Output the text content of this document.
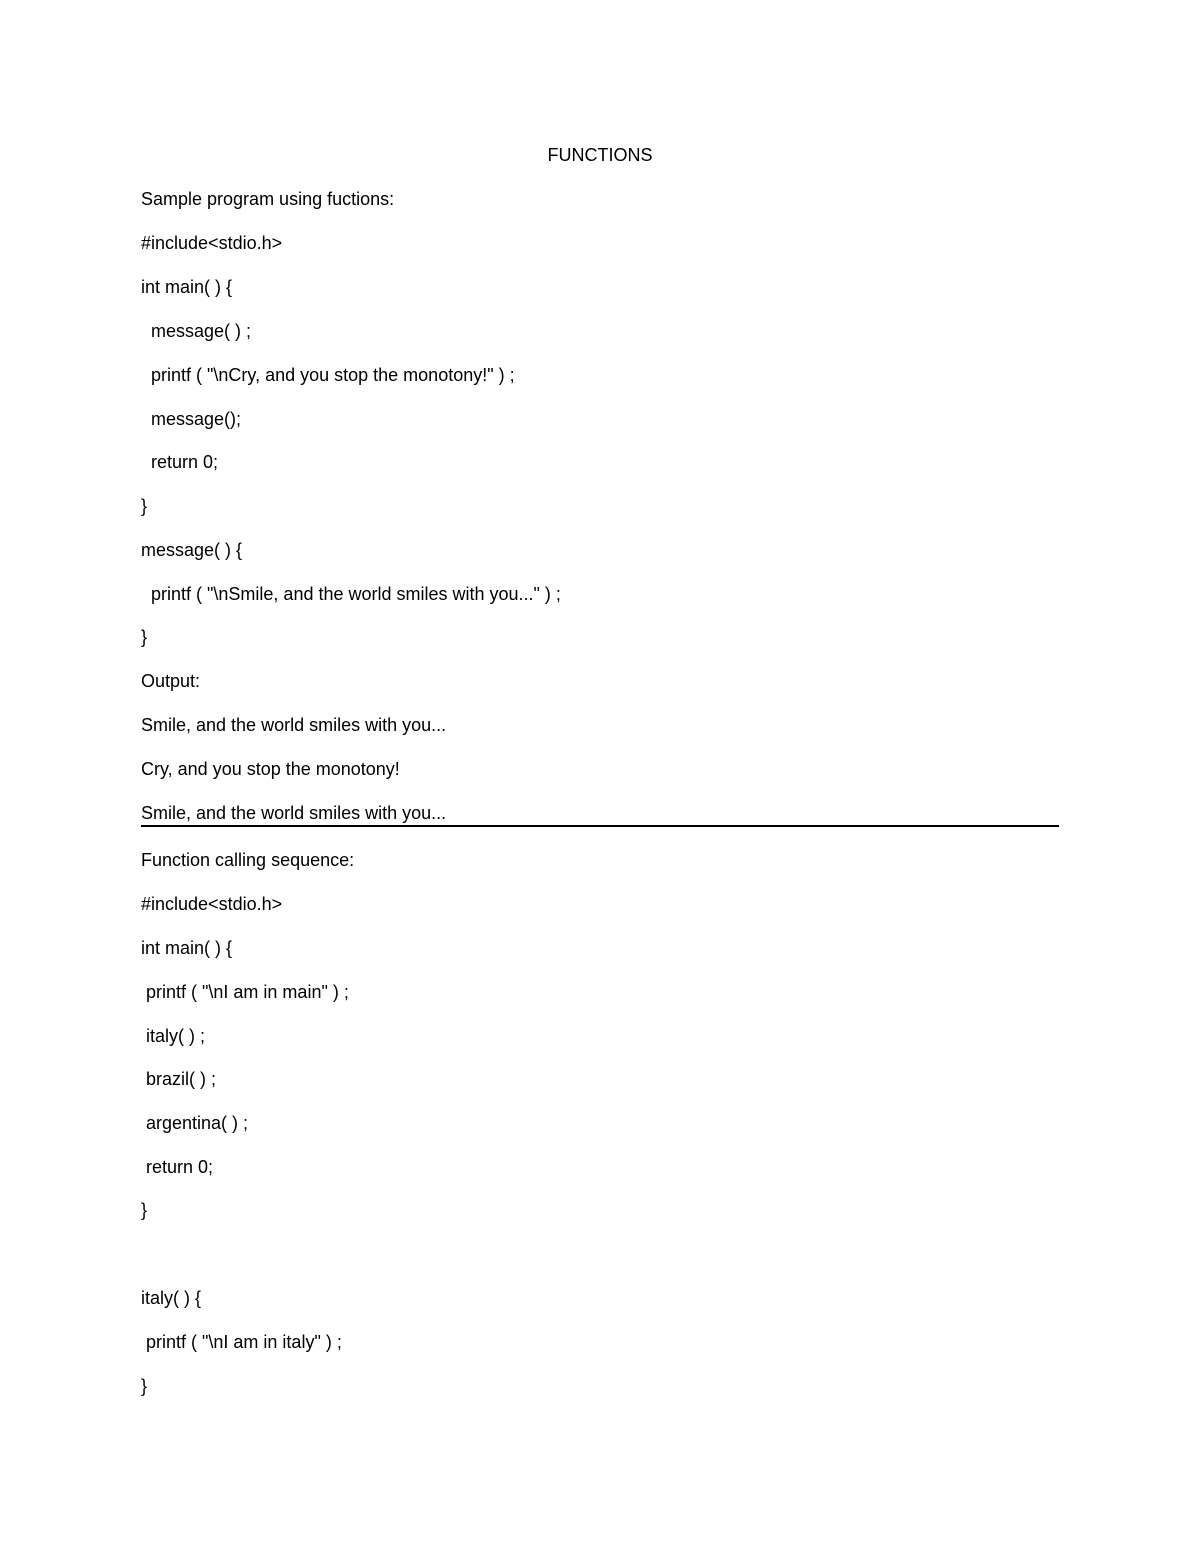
FUNCTIONS
Sample program using fuctions:
#include<stdio.h>
int main( ) {
message( ) ;
printf ( "\nCry, and you stop the monotony!" ) ;
message();
return 0;
}
message( ) {
printf ( "\nSmile, and the world smiles with you..." ) ;
}
Output:
Smile, and the world smiles with you...
Cry, and you stop the monotony!
Smile, and the world smiles with you...
Function calling sequence:
#include<stdio.h>
int main( ) {
printf ( "\nI am in main" ) ;
italy( ) ;
brazil( ) ;
argentina( ) ;
return 0;
}
italy( ) {
printf ( "\nI am in italy" ) ;
}
